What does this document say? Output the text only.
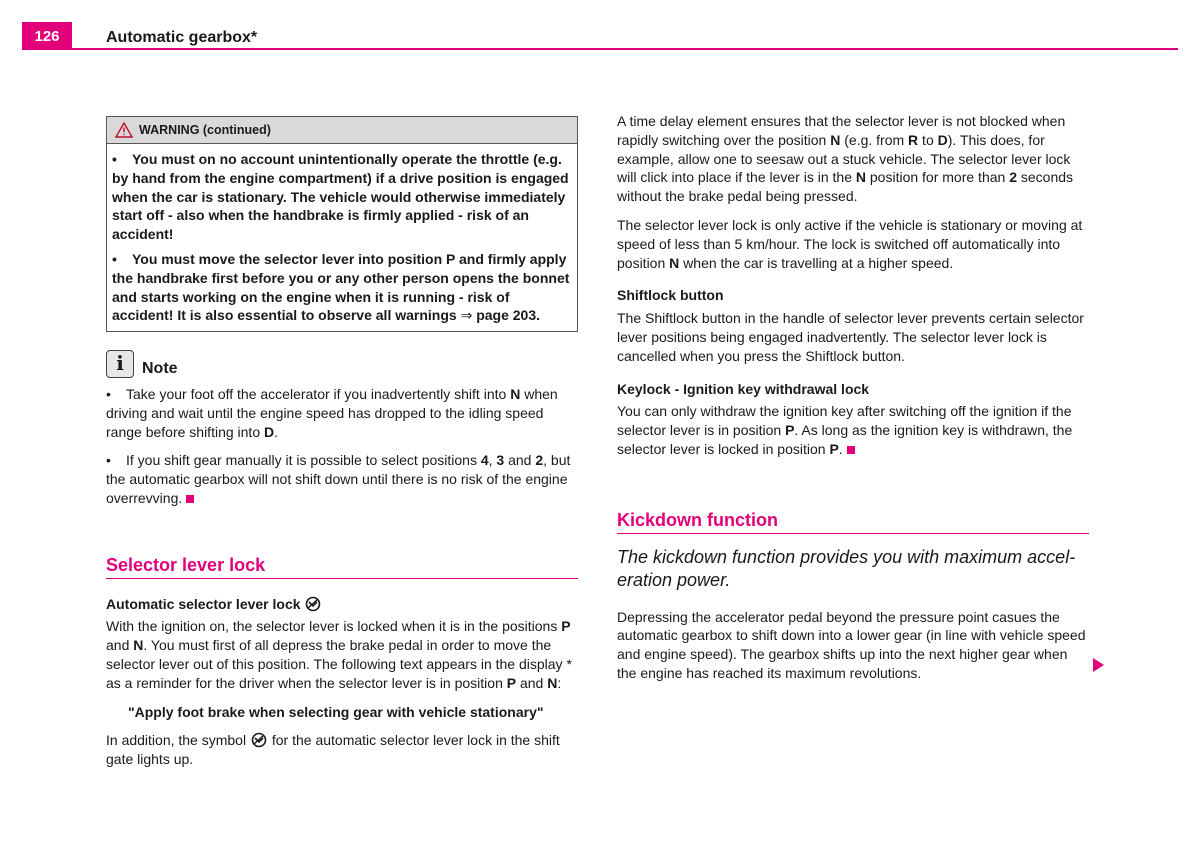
126	Automatic gearbox*
WARNING (continued)

• You must on no account unintentionally operate the throttle (e.g. by hand from the engine compartment) if a drive position is engaged when the car is stationary. The vehicle would otherwise immediately start off - also when the handbrake is firmly applied - risk of an accident!

• You must move the selector lever into position P and firmly apply the handbrake first before you or any other person opens the bonnet and starts working on the engine when it is running - risk of accident! It is also essential to observe all warnings ⇒ page 203.

i	Note

• Take your foot off the accelerator if you inadvertently shift into N when driving and wait until the engine speed has dropped to the idling speed range before shifting into D.

• If you shift gear manually it is possible to select positions 4, 3 and 2, but the automatic gearbox will not shift down until there is no risk of the engine overrevving.

Selector lever lock

Automatic selector lever lock

With the ignition on, the selector lever is locked when it is in the positions P and N. You must first of all depress the brake pedal in order to move the selector lever out of this position. The following text appears in the display * as a reminder for the driver when the selector lever is in position P and N:

"Apply foot brake when selecting gear with vehicle stationary"

In addition, the symbol  for the automatic selector lever lock in the shift gate lights up.

A time delay element ensures that the selector lever is not blocked when rapidly switching over the position N (e.g. from R to D). This does, for example, allow one to seesaw out a stuck vehicle. The selector lever lock will click into place if the lever is in the N position for more than 2 seconds without the brake pedal being pressed.

The selector lever lock is only active if the vehicle is stationary or moving at speed of less than 5 km/hour. The lock is switched off automatically into position N when the car is travelling at a higher speed.

Shiftlock button

The Shiftlock button in the handle of selector lever prevents certain selector lever positions being engaged inadvertently. The selector lever lock is cancelled when you press the Shiftlock button.

Keylock - Ignition key withdrawal lock

You can only withdraw the ignition key after switching off the ignition if the selector lever is in position P. As long as the ignition key is withdrawn, the selector lever is locked in position P.

Kickdown function

The kickdown function provides you with maximum accel-eration power.

Depressing the accelerator pedal beyond the pressure point casues the automatic gearbox to shift down into a lower gear (in line with vehicle speed and engine speed). The gearbox shifts up into the next higher gear when the engine has reached its maximum revolutions.
